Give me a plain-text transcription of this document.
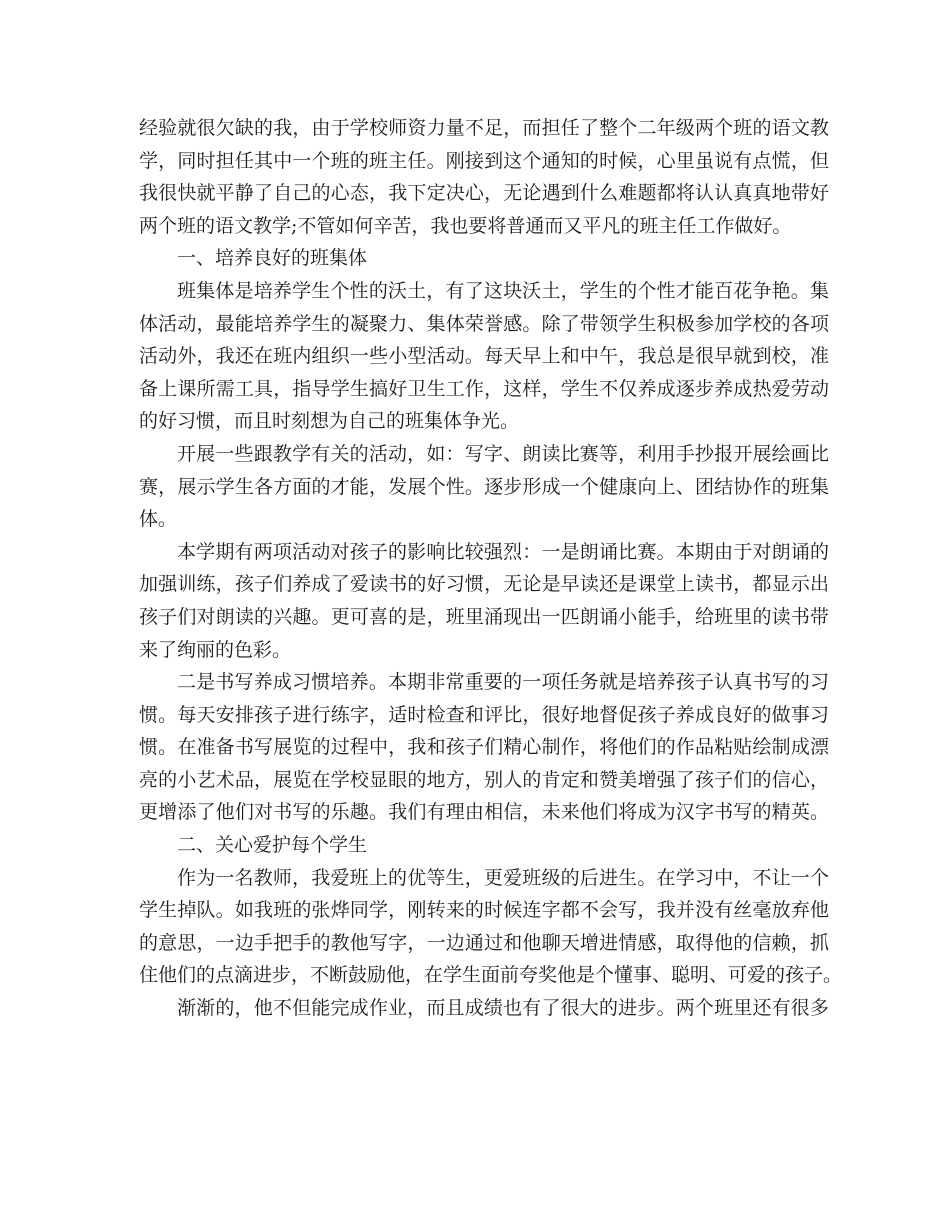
经验就很欠缺的我，由于学校师资力量不足，而担任了整个二年级两个班的语文教
学，同时担任其中一个班的班主任。刚接到这个通知的时候，心里虽说有点慌，但
我很快就平静了自己的心态，我下定决心，无论遇到什么难题都将认认真真地带好
两个班的语文教学;不管如何辛苦，我也要将普通而又平凡的班主任工作做好。
一、培养良好的班集体
班集体是培养学生个性的沃土，有了这块沃土，学生的个性才能百花争艳。集
体活动，最能培养学生的凝聚力、集体荣誉感。除了带领学生积极参加学校的各项
活动外，我还在班内组织一些小型活动。每天早上和中午，我总是很早就到校，准
备上课所需工具，指导学生搞好卫生工作，这样，学生不仅养成逐步养成热爱劳动
的好习惯，而且时刻想为自己的班集体争光。
开展一些跟教学有关的活动，如：写字、朗读比赛等，利用手抄报开展绘画比
赛，展示学生各方面的才能，发展个性。逐步形成一个健康向上、团结协作的班集
体。
本学期有两项活动对孩子的影响比较强烈：一是朗诵比赛。本期由于对朗诵的
加强训练，孩子们养成了爱读书的好习惯，无论是早读还是课堂上读书，都显示出
孩子们对朗读的兴趣。更可喜的是，班里涌现出一匹朗诵小能手，给班里的读书带
来了绚丽的色彩。
二是书写养成习惯培养。本期非常重要的一项任务就是培养孩子认真书写的习
惯。每天安排孩子进行练字，适时检查和评比，很好地督促孩子养成良好的做事习
惯。在准备书写展览的过程中，我和孩子们精心制作，将他们的作品粘贴绘制成漂
亮的小艺术品，展览在学校显眼的地方，别人的肯定和赞美增强了孩子们的信心，
更增添了他们对书写的乐趣。我们有理由相信，未来他们将成为汉字书写的精英。
二、关心爱护每个学生
作为一名教师，我爱班上的优等生，更爱班级的后进生。在学习中，不让一个
学生掉队。如我班的张烨同学，刚转来的时候连字都不会写，我并没有丝毫放弃他
的意思，一边手把手的教他写字，一边通过和他聊天增进情感，取得他的信赖，抓
住他们的点滴进步，不断鼓励他，在学生面前夸奖他是个懂事、聪明、可爱的孩子。
渐渐的，他不但能完成作业，而且成绩也有了很大的进步。两个班里还有很多
